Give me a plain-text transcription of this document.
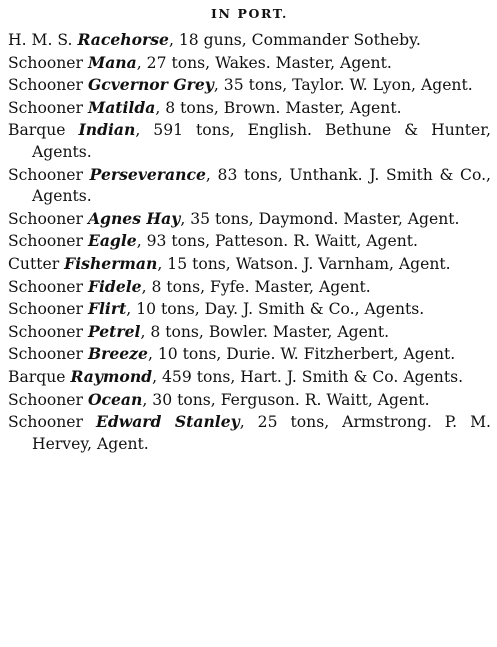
IN PORT.
H. M. S. Racehorse, 18 guns, Commander Sotheby.
Schooner Mana, 27 tons, Wakes. Master, Agent.
Schooner Gcvernor Grey, 35 tons, Taylor. W. Lyon, Agent.
Schooner Matilda, 8 tons, Brown. Master, Agent.
Barque Indian, 591 tons, English. Bethune & Hunter, Agents.
Schooner Perseverance, 83 tons, Unthank. J. Smith & Co., Agents.
Schooner Agnes Hay, 35 tons, Daymond. Master, Agent.
Schooner Eagle, 93 tons, Patteson. R. Waitt, Agent.
Cutter Fisherman, 15 tons, Watson. J. Varnham, Agent.
Schooner Fidele, 8 tons, Fyfe. Master, Agent.
Schooner Flirt, 10 tons, Day. J. Smith & Co., Agents.
Schooner Petrel, 8 tons, Bowler. Master, Agent.
Schooner Breeze, 10 tons, Durie. W. Fitzherbert, Agent.
Barque Raymond, 459 tons, Hart. J. Smith & Co. Agents.
Schooner Ocean, 30 tons, Ferguson. R. Waitt, Agent.
Schooner Edward Stanley, 25 tons, Armstrong. P. M. Hervey, Agent.
